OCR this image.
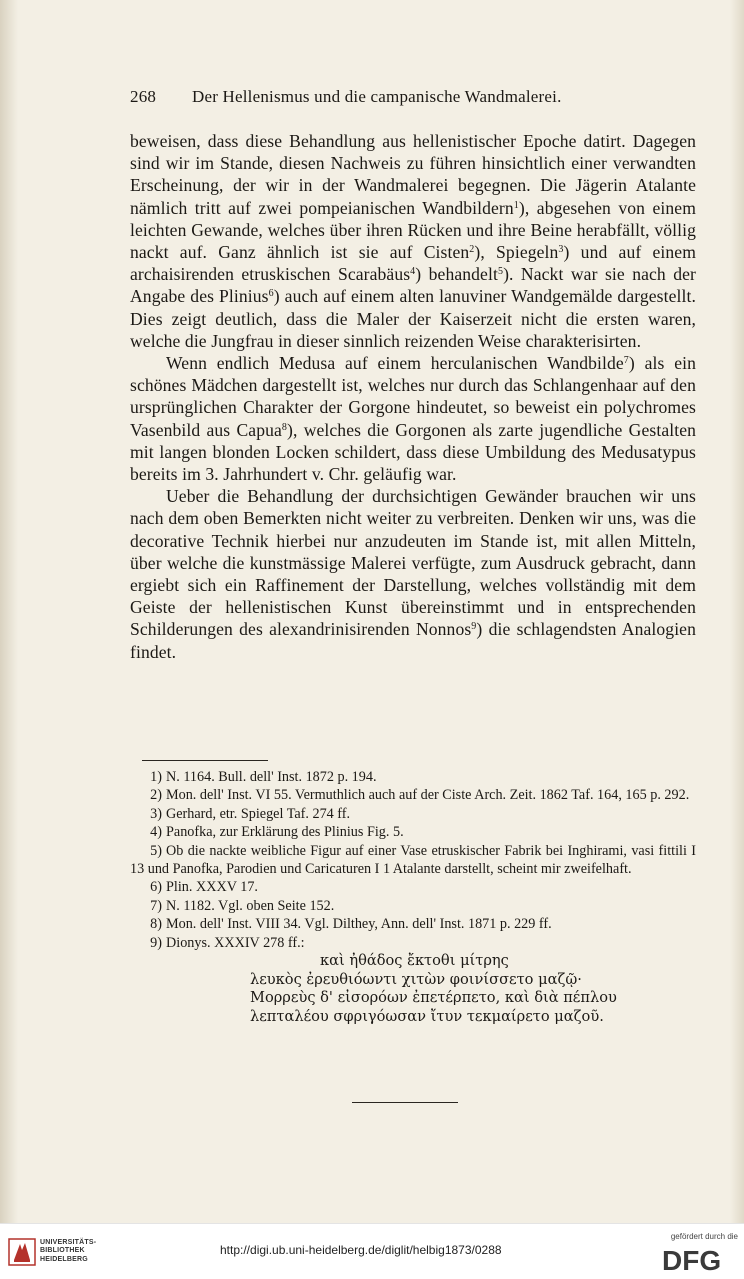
268 Der Hellenismus und die campanische Wandmalerei.

beweisen, dass diese Behandlung aus hellenistischer Epoche datirt. Dagegen sind wir im Stande, diesen Nachweis zu führen hinsichtlich einer verwandten Erscheinung, der wir in der Wandmalerei begegnen. Die Jägerin Atalante nämlich tritt auf zwei pompeianischen Wandbildern$^1$), abgesehen von einem leichten Gewande, welches über ihren Rücken und ihre Beine herabfällt, völlig nackt auf. Ganz ähnlich ist sie auf Cisten$^2$), Spiegeln$^3$) und auf einem archaisirenden etruskischen Scarabäus$^4$) behandelt$^5$). Nackt war sie nach der Angabe des Plinius$^6$) auch auf einem alten lanuviner Wandgemälde dargestellt. Dies zeigt deutlich, dass die Maler der Kaiserzeit nicht die ersten waren, welche die Jungfrau in dieser sinnlich reizenden Weise charakterisirten.

Wenn endlich Medusa auf einem herculanischen Wandbilde$^7$) als ein schönes Mädchen dargestellt ist, welches nur durch das Schlangenhaar auf den ursprünglichen Charakter der Gorgone hindeutet, so beweist ein polychromes Vasenbild aus Capua$^8$), welches die Gorgonen als zarte jugendliche Gestalten mit langen blonden Locken schildert, dass diese Umbildung des Medusatypus bereits im 3. Jahrhundert v. Chr. geläufig war.

Ueber die Behandlung der durchsichtigen Gewänder brauchen wir uns nach dem oben Bemerkten nicht weiter zu verbreiten. Denken wir uns, was die decorative Technik hierbei nur anzudeuten im Stande ist, mit allen Mitteln, über welche die kunstmässige Malerei verfügte, zum Ausdruck gebracht, dann ergiebt sich ein Raffinement der Darstellung, welches vollständig mit dem Geiste der hellenistischen Kunst übereinstimmt und in entsprechenden Schilderungen des alexandrinisirenden Nonnos$^9$) die schlagendsten Analogien findet.

1) N. 1164. Bull. dell' Inst. 1872 p. 194.

2) Mon. dell' Inst. VI 55. Vermuthlich auch auf der Ciste Arch. Zeit. 1862 Taf. 164, 165 p. 292.

3) Gerhard, etr. Spiegel Taf. 274 ff.

4) Panofka, zur Erklärung des Plinius Fig. 5.

5) Ob die nackte weibliche Figur auf einer Vase etruskischer Fabrik bei Inghirami, vasi fittili I 13 und Panofka, Parodien und Caricaturen I 1 Atalante darstellt, scheint mir zweifelhaft.

6) Plin. XXXV 17.

7) N. 1182. Vgl. oben Seite 152.

8) Mon. dell' Inst. VIII 34. Vgl. Dilthey, Ann. dell' Inst. 1871 p. 229 ff.

9) Dionys. XXXIV 278 ff.:

καὶ ἠθάδος ἔκτοθι μίτρης

λευκὸς ἐρευθιόωντι χιτὼν φοινίσσετο μαζῷ·

Μορρεὺς δ' εἰσορόων ἐπετέρπετο, καὶ διὰ πέπλου

λεπταλέου σφριγόωσαν ἴτυν τεκμαίρετο μαζοῦ.

UNIVERSITÄTS-
BIBLIOTHEK
HEIDELBERG
http://digi.ub.uni-heidelberg.de/diglit/helbig1873/0288
gefördert durch die
DFG
